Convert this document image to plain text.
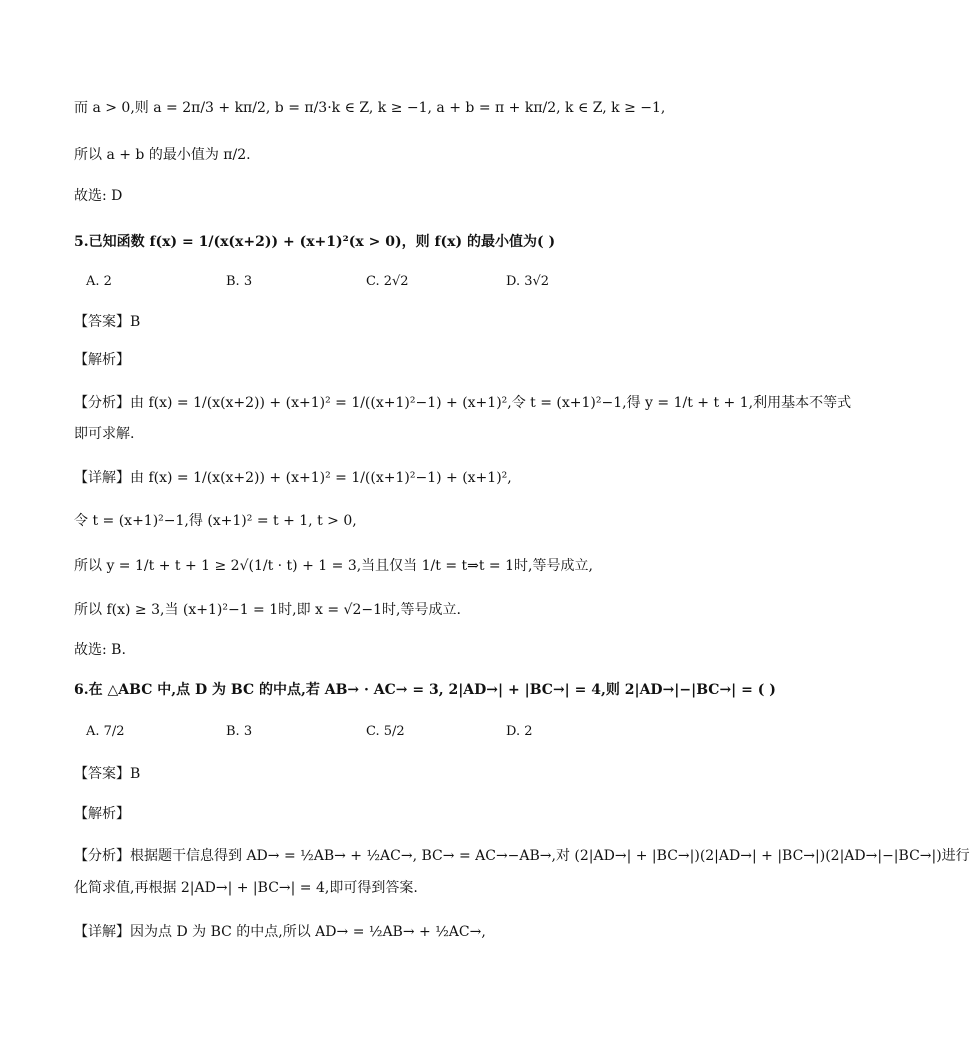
而 a > 0,则 a = 2π/3 + kπ/2, b = π/3·k ∈ Z, k ≥ −1, a + b = π + kπ/2, k ∈ Z, k ≥ −1,
所以 a + b 的最小值为 π/2.
故选: D
5.已知函数 f(x) = 1/(x(x+2)) + (x+1)²(x > 0)，则 f(x) 的最小值为( )
A. 2	B. 3	C. 2√2	D. 3√2
【答案】B
【解析】
【分析】由 f(x) = 1/(x(x+2)) + (x+1)² = 1/((x+1)²−1) + (x+1)²,令 t = (x+1)²−1,得 y = 1/t + t + 1,利用基本不等式
即可求解.
【详解】由 f(x) = 1/(x(x+2)) + (x+1)² = 1/((x+1)²−1) + (x+1)²,
令 t = (x+1)²−1,得 (x+1)² = t + 1, t > 0,
所以 y = 1/t + t + 1 ≥ 2√(1/t · t) + 1 = 3,当且仅当 1/t = t⇒t = 1时,等号成立,
所以 f(x) ≥ 3,当 (x+1)²−1 = 1时,即 x = √2−1时,等号成立.
故选: B.
6.在 △ABC 中,点 D 为 BC 的中点,若 AB→ · AC→ = 3, 2|AD→| + |BC→| = 4,则 2|AD→|−|BC→| = ( )
A. 7/2	B. 3	C. 5/2	D. 2
【答案】B
【解析】
【分析】根据题干信息得到 AD→ = ½AB→ + ½AC→, BC→ = AC→−AB→,对 (2|AD→| + |BC→|)(2|AD→| + |BC→|)(2|AD→|−|BC→|)进行
化简求值,再根据 2|AD→| + |BC→| = 4,即可得到答案.
【详解】因为点 D 为 BC 的中点,所以 AD→ = ½AB→ + ½AC→,
